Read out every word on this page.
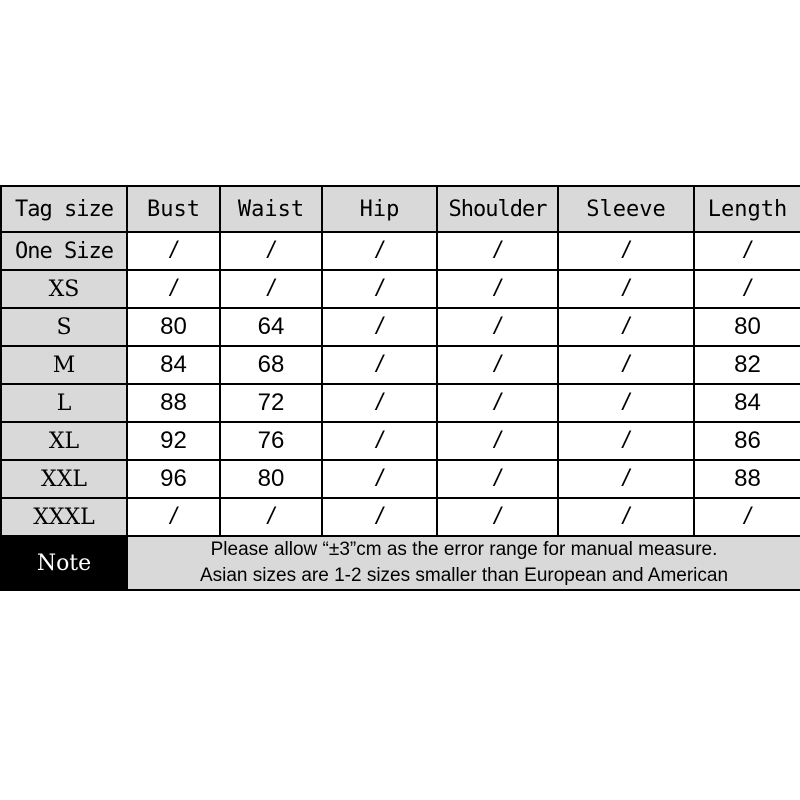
Tag size	Bust	Waist	Hip	Shoulder	Sleeve	Length
One Size	/	/	/	/	/	/
XS	/	/	/	/	/	/
S	80	64	/	/	/	80
M	84	68	/	/	/	82
L	88	72	/	/	/	84
XL	92	76	/	/	/	86
XXL	96	80	/	/	/	88
XXXL	/	/	/	/	/	/
Note	Please allow “±3”cm as the error range for manual measure.
Asian sizes are 1-2 sizes smaller than European and American					
